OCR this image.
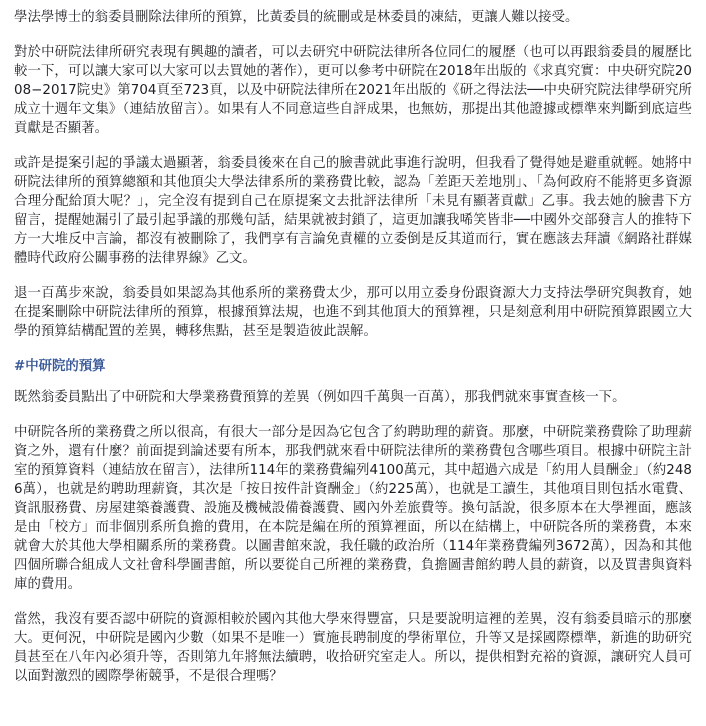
學法學博士的翁委員刪除法律所的預算，比黃委員的統刪或是林委員的凍結，更讓人難以接受。

對於中研院法律所研究表現有興趣的讀者，可以去研究中研院法律所各位同仁的履歷（也可以再跟翁委員的履歷比較一下，可以讓大家可以大家可以去買她的著作），更可以參考中研院在2018年出版的《求真究實：中央研究院2008−2017院史》第704頁至723頁，以及中研院法律所在2021年出版的《研之得法法──中央研究院法律學研究所成立十週年文集》（連結放留言）。如果有人不同意這些自評成果，也無妨，那提出其他證據或標準來判斷到底這些貢獻是否顯著。

或許是提案引起的爭議太過顯著，翁委員後來在自己的臉書就此事進行說明，但我看了覺得她是避重就輕。她將中研院法律所的預算總額和其他頂尖大學法律系所的業務費比較，認為「差距天差地別」、「為何政府不能將更多資源合理分配給頂大呢？」，完全沒有提到自己在原提案文去批評法律所「未見有顯著貢獻」乙事。我去她的臉書下方留言，提醒她漏引了最引起爭議的那幾句話，結果就被封鎖了，這更加讓我唏笑皆非──中國外交部發言人的推特下方一大堆反中言論，都沒有被刪除了，我們享有言論免責權的立委倒是反其道而行，實在應該去拜讀《網路社群媒體時代政府公關事務的法律界線》乙文。

退一百萬步來說，翁委員如果認為其他系所的業務費太少，那可以用立委身份跟資源大力支持法學研究與教育，她在提案刪除中研院法律所的預算，根據預算法規，也進不到其他頂大的預算裡，只是刻意利用中研院預算跟國立大學的預算結構配置的差異，轉移焦點，甚至是製造彼此誤解。

#中研院的預算

既然翁委員點出了中研院和大學業務費預算的差異（例如四千萬與一百萬），那我們就來事實查核一下。

中研院各所的業務費之所以很高，有很大一部分是因為它包含了約聘助理的薪資。那麼，中研院業務費除了助理薪資之外，還有什麼？前面提到論述要有所本，那我們就來看中研院法律所的業務費包含哪些項目。根據中研院主計室的預算資料（連結放在留言），法律所114年的業務費編列4100萬元，其中超過六成是「約用人員酬金」（約2486萬），也就是約聘助理薪資，其次是「按日按件計資酬金」（約225萬），也就是工讀生，其他項目則包括水電費、資訊服務費、房屋建築養護費、設施及機械設備養護費、國內外差旅費等。換句話說，很多原本在大學裡面，應該是由「校方」而非個別系所負擔的費用，在本院是編在所的預算裡面，所以在結構上，中研院各所的業務費，本來就會大於其他大學相關系所的業務費。以圖書館來說，我任職的政治所（114年業務費編列3672萬），因為和其他四個所聯合組成人文社會科學圖書館，所以要從自己所裡的業務費，負擔圖書館約聘人員的薪資，以及買書與資料庫的費用。

當然，我沒有要否認中研院的資源相較於國內其他大學來得豐富，只是要說明這裡的差異，沒有翁委員暗示的那麼大。更何況，中研院是國內少數（如果不是唯一）實施長聘制度的學術單位，升等又是採國際標準，新進的助研究員甚至在八年內必須升等，否則第九年將無法續聘，收拾研究室走人。所以，提供相對充裕的資源，讓研究人員可以面對激烈的國際學術競爭，不是很合理嗎？
